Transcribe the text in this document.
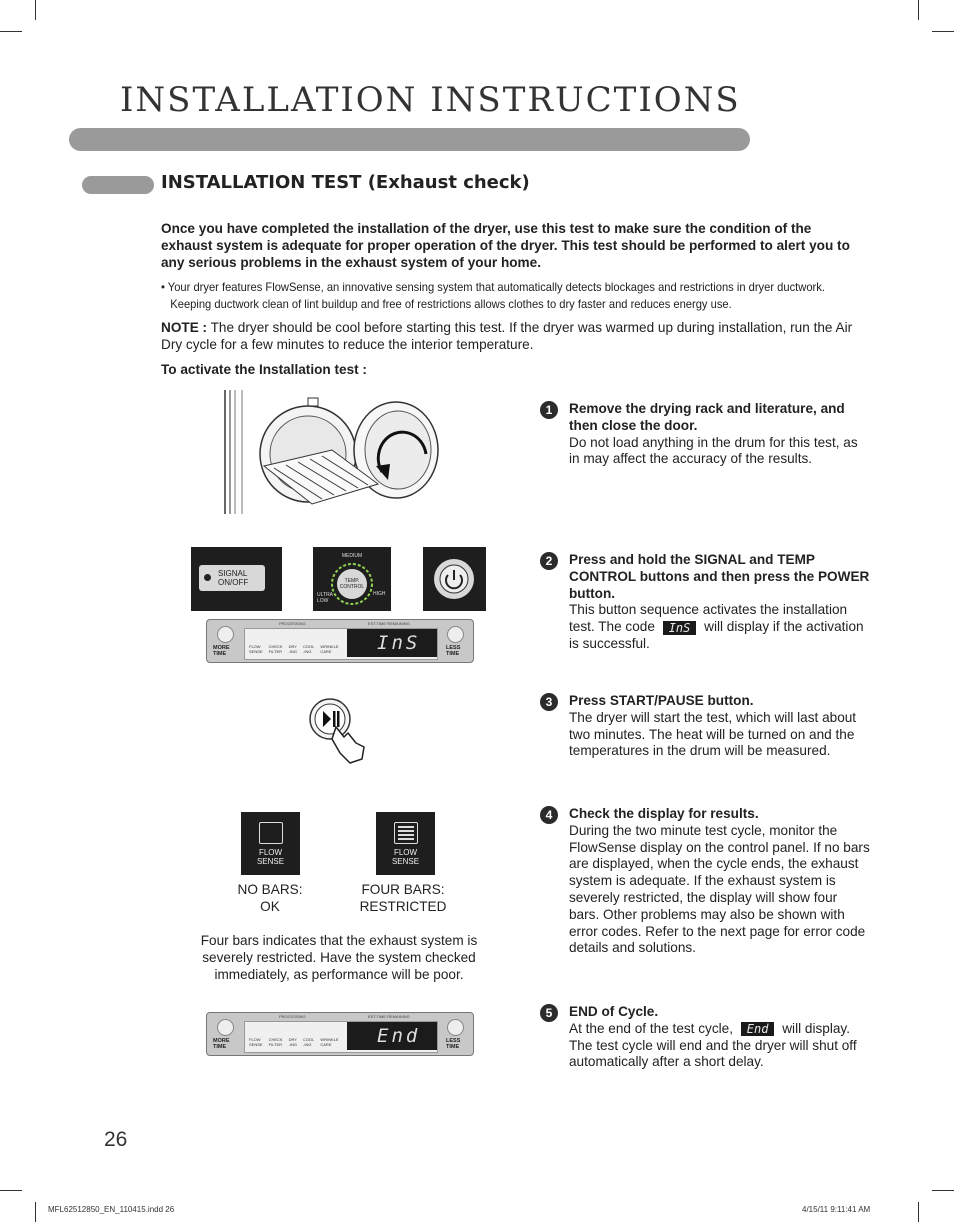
INSTALLATION INSTRUCTIONS
INSTALLATION TEST (Exhaust check)

Once you have completed the installation of the dryer, use this test to make sure the condition of the exhaust system is adequate for proper operation of the dryer. This test should be performed to alert you to any serious problems in the exhaust system of your home.

• Your dryer features FlowSense, an innovative sensing system that automatically detects blockages and restrictions in dryer ductwork. Keeping ductwork clean of lint buildup and free of restrictions allows clothes to dry faster and reduces energy use.

NOTE : The dryer should be cool before starting this test. If the dryer was warmed up during installation, run the Air Dry cycle for a few minutes to reduce the interior temperature.

To activate the Installation test :

SIGNAL
ON/OFF
MEDIUM
TEMP.
CONTROL
ULTRA
LOW
HIGH
MORE
TIME
PROCESSING	EST.TIME REMAINING
FLOW
SENSE
CHECK
FILTER
DRY
-ING
COOL
-ING
WRINKLE
CARE	InS	LESS
TIME
FLOW
SENSE
FLOW
SENSE
NO BARS:
OK
FOUR BARS:
RESTRICTED

Four bars indicates that the exhaust system is severely restricted. Have the system checked immediately, as performance will be poor.

MORE
TIME
PROCESSING	EST.TIME REMAINING
FLOW
SENSE
CHECK
FILTER
DRY
-ING
COOL
-ING
WRINKLE
CARE	End	LESS
TIME
1	Remove the drying rack and literature, and then close the door.
Do not load anything in the drum for this test, as in may affect the accuracy of the results.
2	Press and hold the SIGNAL and TEMP CONTROL buttons and then press the POWER button.
This button sequence activates the installation test. The code InS will display if the activation is successful.
3	Press START/PAUSE button.
The dryer will start the test, which will last about two minutes. The heat will be turned on and the temperatures in the drum will be measured.
4	Check the display for results.
During the two minute test cycle, monitor the FlowSense display on the control panel. If no bars are displayed, when the cycle ends, the exhaust system is adequate. If the exhaust system is severely restricted, the display will show four bars. Other problems may also be shown with error codes. Refer to the next page for error code details and solutions.
5	END of Cycle.
At the end of the test cycle, End will display. The test cycle will end and the dryer will shut off automatically after a short delay.

26

MFL62512850_EN_110415.indd 26	4/15/11 9:11:41 AM
